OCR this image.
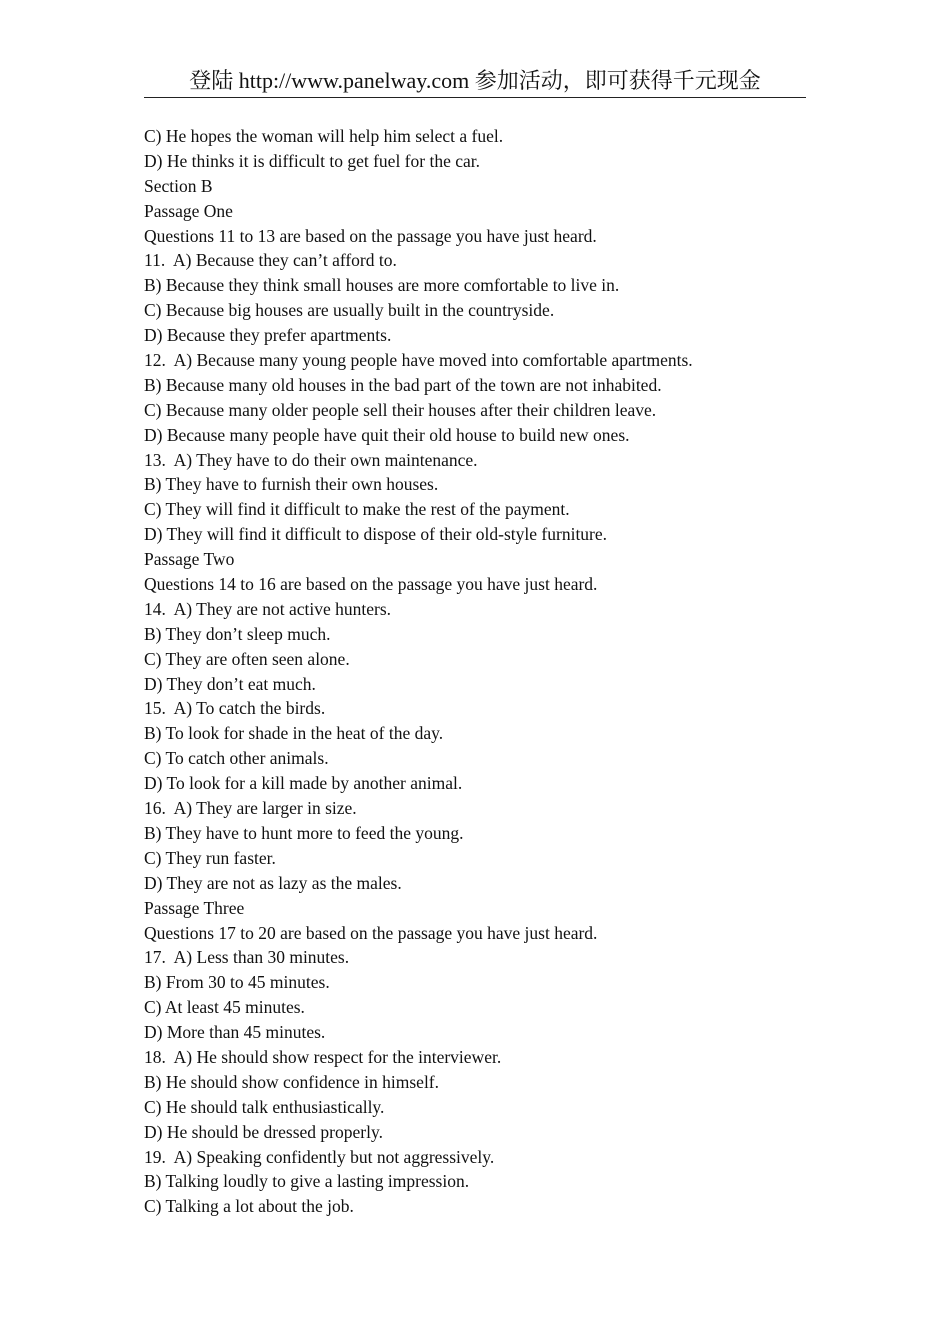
登陆 http://www.panelway.com 参加活动，即可获得千元现金
C) He hopes the woman will help him select a fuel.
D) He thinks it is difficult to get fuel for the car.
Section B
Passage One
Questions 11 to 13 are based on the passage you have just heard.
11.  A) Because they can’t afford to.
B) Because they think small houses are more comfortable to live in.
C) Because big houses are usually built in the countryside.
D) Because they prefer apartments.
12.  A) Because many young people have moved into comfortable apartments.
B) Because many old houses in the bad part of the town are not inhabited.
C) Because many older people sell their houses after their children leave.
D) Because many people have quit their old house to build new ones.
13.  A) They have to do their own maintenance.
B) They have to furnish their own houses.
C) They will find it difficult to make the rest of the payment.
D) They will find it difficult to dispose of their old-style furniture.
Passage Two
Questions 14 to 16 are based on the passage you have just heard.
14.  A) They are not active hunters.
B) They don’t sleep much.
C) They are often seen alone.
D) They don’t eat much.
15.  A) To catch the birds.
B) To look for shade in the heat of the day.
C) To catch other animals.
D) To look for a kill made by another animal.
16.  A) They are larger in size.
B) They have to hunt more to feed the young.
C) They run faster.
D) They are not as lazy as the males.
Passage Three
Questions 17 to 20 are based on the passage you have just heard.
17.  A) Less than 30 minutes.
B) From 30 to 45 minutes.
C) At least 45 minutes.
D) More than 45 minutes.
18.  A) He should show respect for the interviewer.
B) He should show confidence in himself.
C) He should talk enthusiastically.
D) He should be dressed properly.
19.  A) Speaking confidently but not aggressively.
B) Talking loudly to give a lasting impression.
C) Talking a lot about the job.
